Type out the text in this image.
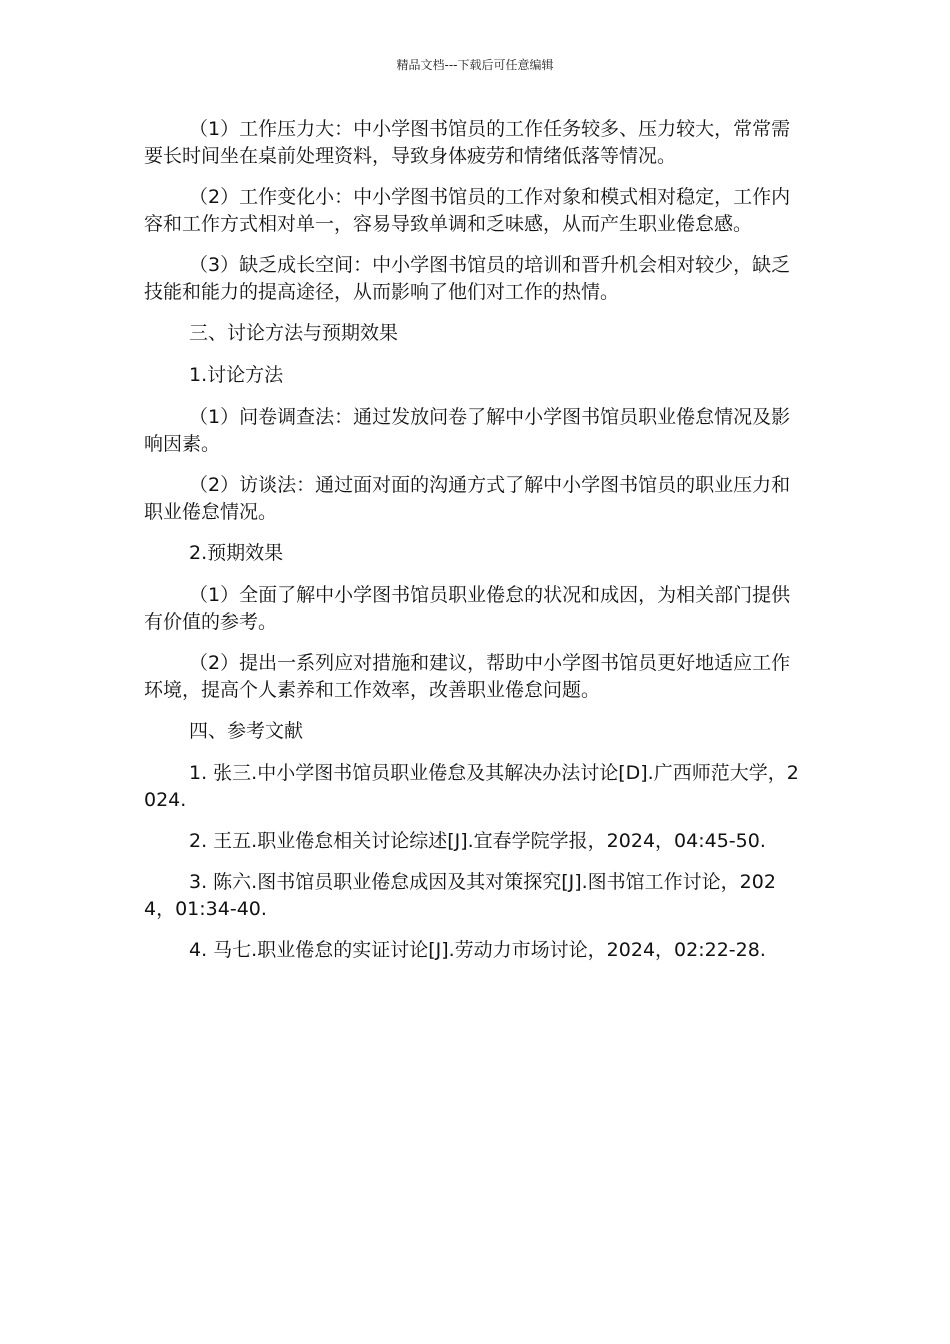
精品文档---下载后可任意编辑

（1）工作压力大：中小学图书馆员的工作任务较多、压力较大，常常需要长时间坐在桌前处理资料，导致身体疲劳和情绪低落等情况。

（2）工作变化小：中小学图书馆员的工作对象和模式相对稳定，工作内容和工作方式相对单一，容易导致单调和乏味感，从而产生职业倦怠感。

（3）缺乏成长空间：中小学图书馆员的培训和晋升机会相对较少，缺乏技能和能力的提高途径，从而影响了他们对工作的热情。

三、讨论方法与预期效果

1.讨论方法

（1）问卷调查法：通过发放问卷了解中小学图书馆员职业倦怠情况及影响因素。

（2）访谈法：通过面对面的沟通方式了解中小学图书馆员的职业压力和职业倦怠情况。

2.预期效果

（1）全面了解中小学图书馆员职业倦怠的状况和成因，为相关部门提供有价值的参考。

（2）提出一系列应对措施和建议，帮助中小学图书馆员更好地适应工作环境，提高个人素养和工作效率，改善职业倦怠问题。

四、参考文献

1. 张三.中小学图书馆员职业倦怠及其解决办法讨论[D].广西师范大学，2024.

2. 王五.职业倦怠相关讨论综述[J].宜春学院学报，2024，04:45-50.

3. 陈六.图书馆员职业倦怠成因及其对策探究[J].图书馆工作讨论，2024，01:34-40.

4. 马七.职业倦怠的实证讨论[J].劳动力市场讨论，2024，02:22-28.
